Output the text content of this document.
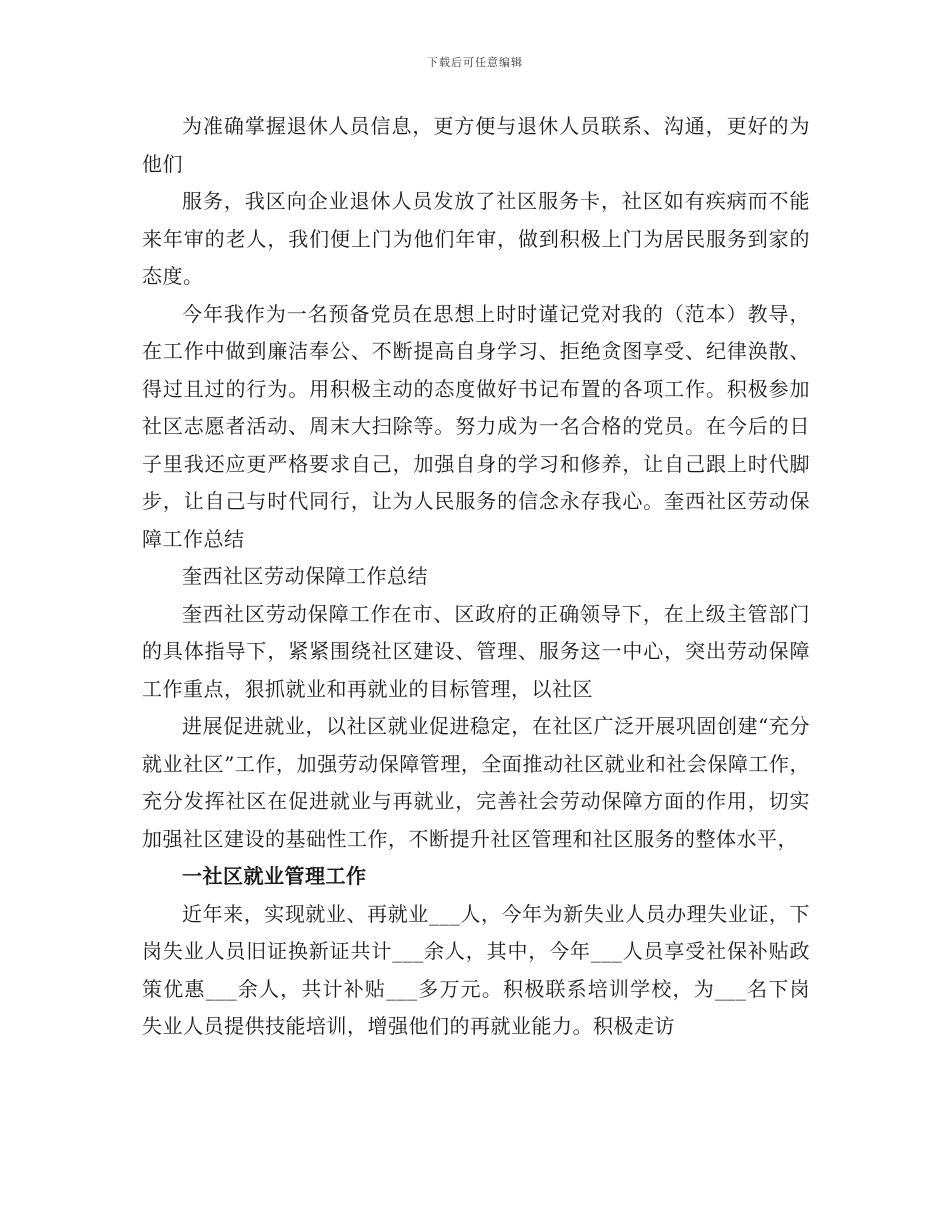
下载后可任意编辑

为准确掌握退休人员信息，更方便与退休人员联系、沟通，更好的为他们

服务，我区向企业退休人员发放了社区服务卡，社区如有疾病而不能来年审的老人，我们便上门为他们年审，做到积极上门为居民服务到家的态度。

今年我作为一名预备党员在思想上时时谨记党对我的（范本）教导，在工作中做到廉洁奉公、不断提高自身学习、拒绝贪图享受、纪律涣散、得过且过的行为。用积极主动的态度做好书记布置的各项工作。积极参加社区志愿者活动、周末大扫除等。努力成为一名合格的党员。在今后的日子里我还应更严格要求自己，加强自身的学习和修养，让自己跟上时代脚步，让自己与时代同行，让为人民服务的信念永存我心。奎西社区劳动保障工作总结

奎西社区劳动保障工作总结

奎西社区劳动保障工作在市、区政府的正确领导下，在上级主管部门的具体指导下，紧紧围绕社区建设、管理、服务这一中心，突出劳动保障工作重点，狠抓就业和再就业的目标管理，以社区

进展促进就业，以社区就业促进稳定，在社区广泛开展巩固创建“充分就业社区”工作，加强劳动保障管理，全面推动社区就业和社会保障工作，充分发挥社区在促进就业与再就业，完善社会劳动保障方面的作用，切实加强社区建设的基础性工作，不断提升社区管理和社区服务的整体水平，

一社区就业管理工作

近年来，实现就业、再就业___人，今年为新失业人员办理失业证，下岗失业人员旧证换新证共计___余人，其中，今年___人员享受社保补贴政策优惠___余人，共计补贴___多万元。积极联系培训学校，为___名下岗失业人员提供技能培训，增强他们的再就业能力。积极走访
